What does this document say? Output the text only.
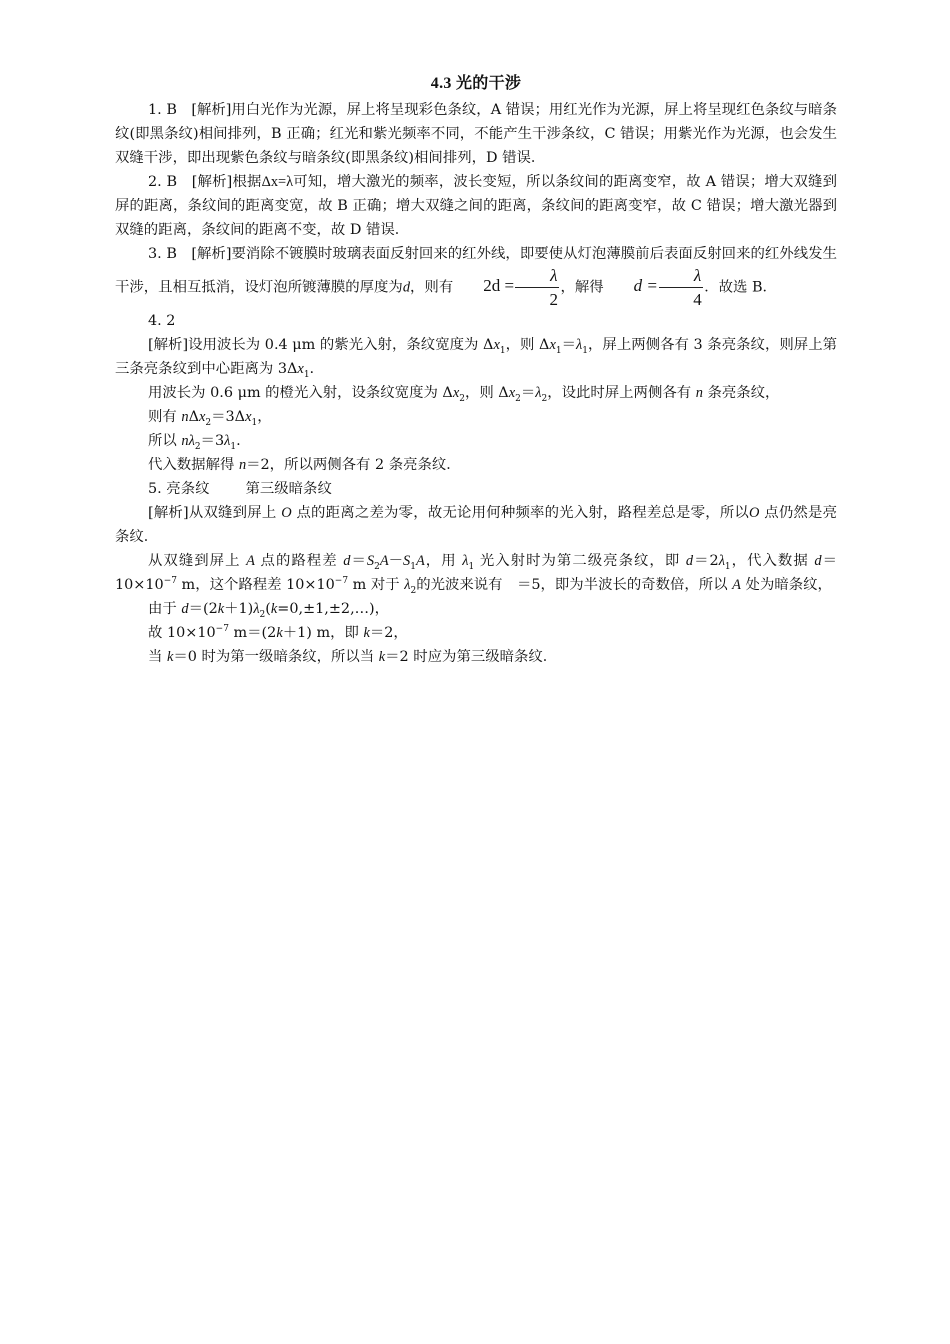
4.3 光的干涉

1. B　 [解析]用白光作为光源，屏上将呈现彩色条纹，A 错误；用红光作为光源，屏上将呈现红色条纹与暗条纹(即黑条纹)相间排列，B 正确；红光和紫光频率不同，不能产生干涉条纹，C 错误；用紫光作为光源，也会发生双缝干涉，即出现紫色条纹与暗条纹(即黑条纹)相间排列，D 错误．

2. B　 [解析]根据Δx=λ可知，增大激光的频率，波长变短，所以条纹间的距离变窄，故 A 错误；增大双缝到屏的距离，条纹间的距离变宽，故 B 正确；增大双缝之间的距离，条纹间的距离变窄，故 C 错误；增大激光器到双缝的距离，条纹间的距离不变，故 D 错误．

3. B　 [解析]要消除不镀膜时玻璃表面反射回来的红外线，即要使从灯泡薄膜前后表面反射回来的红外线发生干涉，且相互抵消，设灯泡所镀薄膜的厚度为d，则有 $2d = \frac{\lambda}{2}$ ，解得 $d = \frac{\lambda}{4}$ ．故选 B．

4. 2

[解析]设用波长为 0.4 μm 的紫光入射，条纹宽度为 $\Delta x_1$，则 $\Delta x_1=\lambda_1$，屏上两侧各有 3 条亮条纹，则屏上第三条亮条纹到中心距离为 $3\Delta x_1$.

用波长为 0.6 μm 的橙光入射，设条纹宽度为 $\Delta x_2$，则 $\Delta x_2=\lambda_2$，设此时屏上两侧各有 n 条亮条纹，

则有 $n\Delta x_2=3\Delta x_1$，

所以 $n\lambda_2=3\lambda_1$.

代入数据解得 n＝2，所以两侧各有 2 条亮条纹．

5. 亮条纹	第三级暗条纹

[解析]从双缝到屏上 O 点的距离之差为零，故无论用何种频率的光入射，路程差总是零，所以O 点仍然是亮条纹．

从双缝到屏上 A 点的路程差 $d=S_2A-S_1A$，用 $\lambda_1$ 光入射时为第二级亮条纹，即 $d=2\lambda_1$，代入数据 $d=10\times 10^{-7}$ m，这个路程差 $10\times 10^{-7}$ m 对于 $\lambda_2$的光波来说有　＝5，即为半波长的奇数倍，所以 A 处为暗条纹，

由于 $d=(2k+1)\lambda_2(k=0,\pm 1,\pm 2,\dots)$，

故 $10\times 10^{-7}$ m＝(2k＋1) m，即 k＝2，

当 k＝0 时为第一级暗条纹，所以当 k＝2 时应为第三级暗条纹．
